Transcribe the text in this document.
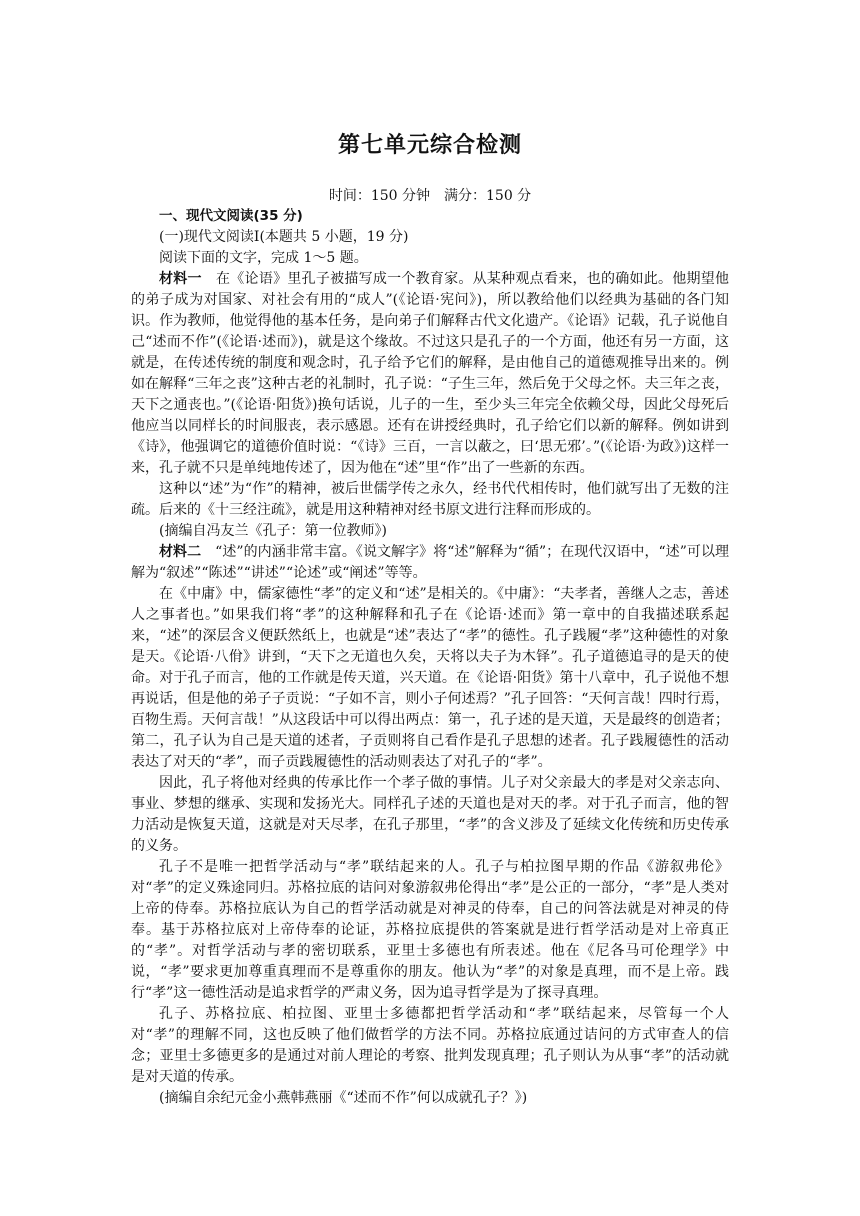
第七单元综合检测
时间：150 分钟　满分：150 分

一、现代文阅读(35 分)

(一)现代文阅读Ⅰ(本题共 5 小题，19 分)

阅读下面的文字，完成 1～5 题。

材料一　 在《论语》里孔子被描写成一个教育家。从某种观点看来，也的确如此。他期望他的弟子成为对国家、对社会有用的“成人”(《论语·宪问》)，所以教给他们以经典为基础的各门知识。作为教师，他觉得他的基本任务，是向弟子们解释古代文化遗产。《论语》记载，孔子说他自己“述而不作”(《论语·述而》)，就是这个缘故。不过这只是孔子的一个方面，他还有另一方面，这就是，在传述传统的制度和观念时，孔子给予它们的解释，是由他自己的道德观推导出来的。例如在解释“三年之丧”这种古老的礼制时，孔子说：“子生三年，然后免于父母之怀。夫三年之丧，天下之通丧也。”(《论语·阳货》)换句话说，儿子的一生，至少头三年完全依赖父母，因此父母死后他应当以同样长的时间服丧，表示感恩。还有在讲授经典时，孔子给它们以新的解释。例如讲到《诗》，他强调它的道德价值时说：“《诗》三百，一言以蔽之，曰‘思无邪’。”(《论语·为政》)这样一来，孔子就不只是单纯地传述了，因为他在“述”里“作”出了一些新的东西。

这种以“述”为“作”的精神，被后世儒学传之永久，经书代代相传时，他们就写出了无数的注疏。后来的《十三经注疏》，就是用这种精神对经书原文进行注释而形成的。

(摘编自冯友兰《孔子：第一位教师》)

材料二　 “述”的内涵非常丰富。《说文解字》将“述”解释为“循”；在现代汉语中，“述”可以理解为“叙述”“陈述”“讲述”“论述”或“阐述”等等。

在《中庸》中，儒家德性“孝”的定义和“述”是相关的。《中庸》：“夫孝者，善继人之志，善述人之事者也。”如果我们将“孝”的这种解释和孔子在《论语·述而》第一章中的自我描述联系起来，“述”的深层含义便跃然纸上，也就是“述”表达了“孝”的德性。孔子践履“孝”这种德性的对象是天。《论语·八佾》讲到，“天下之无道也久矣，天将以夫子为木铎”。孔子道德追寻的是天的使命。对于孔子而言，他的工作就是传天道，兴天道。在《论语·阳货》第十八章中，孔子说他不想再说话，但是他的弟子子贡说：“子如不言，则小子何述焉？”孔子回答：“天何言哉！四时行焉，百物生焉。天何言哉！”从这段话中可以得出两点：第一，孔子述的是天道，天是最终的创造者；第二，孔子认为自己是天道的述者，子贡则将自己看作是孔子思想的述者。孔子践履德性的活动表达了对天的“孝”，而子贡践履德性的活动则表达了对孔子的“孝”。

因此，孔子将他对经典的传承比作一个孝子做的事情。儿子对父亲最大的孝是对父亲志向、事业、梦想的继承、实现和发扬光大。同样孔子述的天道也是对天的孝。对于孔子而言，他的智力活动是恢复天道，这就是对天尽孝，在孔子那里，“孝”的含义涉及了延续文化传统和历史传承的义务。

孔子不是唯一把哲学活动与“孝”联结起来的人。孔子与柏拉图早期的作品《游叙弗伦》对“孝”的定义殊途同归。苏格拉底的诘问对象游叙弗伦得出“孝”是公正的一部分，“孝”是人类对上帝的侍奉。苏格拉底认为自己的哲学活动就是对神灵的侍奉，自己的问答法就是对神灵的侍奉。基于苏格拉底对上帝侍奉的论证，苏格拉底提供的答案就是进行哲学活动是对上帝真正的“孝”。对哲学活动与孝的密切联系，亚里士多德也有所表述。他在《尼各马可伦理学》中说，“孝”要求更加尊重真理而不是尊重你的朋友。他认为“孝”的对象是真理，而不是上帝。践行“孝”这一德性活动是追求哲学的严肃义务，因为追寻哲学是为了探寻真理。

孔子、苏格拉底、柏拉图、亚里士多德都把哲学活动和“孝”联结起来，尽管每一个人对“孝”的理解不同，这也反映了他们做哲学的方法不同。苏格拉底通过诘问的方式审查人的信念；亚里士多德更多的是通过对前人理论的考察、批判发现真理；孔子则认为从事“孝”的活动就是对天道的传承。

(摘编自余纪元金小燕韩燕丽《“述而不作”何以成就孔子？》)
